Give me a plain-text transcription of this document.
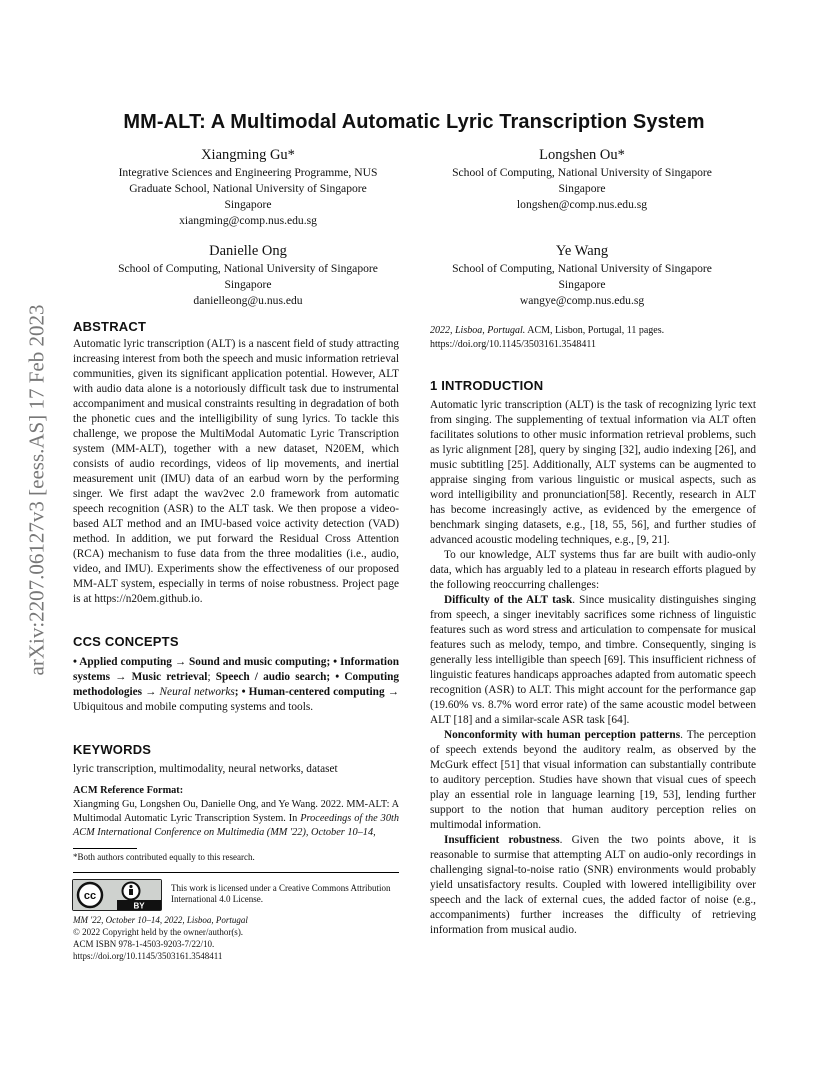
arXiv:2207.06127v3 [eess.AS] 17 Feb 2023
MM-ALT: A Multimodal Automatic Lyric Transcription System
Xiangming Gu*
Integrative Sciences and Engineering Programme, NUS
Graduate School, National University of Singapore
Singapore
xiangming@comp.nus.edu.sg
Longshen Ou*
School of Computing, National University of Singapore
Singapore
longshen@comp.nus.edu.sg
Danielle Ong
School of Computing, National University of Singapore
Singapore
danielleong@u.nus.edu
Ye Wang
School of Computing, National University of Singapore
Singapore
wangye@comp.nus.edu.sg
ABSTRACT

Automatic lyric transcription (ALT) is a nascent field of study attracting increasing interest from both the speech and music information retrieval communities, given its significant application potential. However, ALT with audio data alone is a notoriously difficult task due to instrumental accompaniment and musical constraints resulting in degradation of both the phonetic cues and the intelligibility of sung lyrics. To tackle this challenge, we propose the MultiModal Automatic Lyric Transcription system (MM-ALT), together with a new dataset, N20EM, which consists of audio recordings, videos of lip movements, and inertial measurement unit (IMU) data of an earbud worn by the performing singer. We first adapt the wav2vec 2.0 framework from automatic speech recognition (ASR) to the ALT task. We then propose a video-based ALT method and an IMU-based voice activity detection (VAD) method. In addition, we put forward the Residual Cross Attention (RCA) mechanism to fuse data from the three modalities (i.e., audio, video, and IMU). Experiments show the effectiveness of our proposed MM-ALT system, especially in terms of noise robustness. Project page is at https://n20em.github.io.

CCS CONCEPTS

• Applied computing → Sound and music computing; • Information systems → Music retrieval; Speech / audio search; • Computing methodologies → Neural networks; • Human-centered computing → Ubiquitous and mobile computing systems and tools.

KEYWORDS
lyric transcription, multimodality, neural networks, dataset
ACM Reference Format:
Xiangming Gu, Longshen Ou, Danielle Ong, and Ye Wang. 2022. MM-ALT: A Multimodal Automatic Lyric Transcription System. In Proceedings of the 30th ACM International Conference on Multimedia (MM '22), October 10–14,
*Both authors contributed equally to this research.
cc
BY
This work is licensed under a Creative Commons Attribution International 4.0 License.
MM '22, October 10–14, 2022, Lisboa, Portugal
© 2022 Copyright held by the owner/author(s).
ACM ISBN 978-1-4503-9203-7/22/10.
https://doi.org/10.1145/3503161.3548411
2022, Lisboa, Portugal. ACM, Lisbon, Portugal, 11 pages. https://doi.org/10.1145/3503161.3548411
1 INTRODUCTION

Automatic lyric transcription (ALT) is the task of recognizing lyric text from singing. The supplementing of textual information via ALT often facilitates solutions to other music information retrieval problems, such as lyric alignment [28], query by singing [32], audio indexing [26], and music subtitling [25]. Additionally, ALT systems can be augmented to appraise singing from various linguistic or musical aspects, such as word intelligibility and pronunciation[58]. Recently, research in ALT has become increasingly active, as evidenced by the emergence of benchmark singing datasets, e.g., [18, 55, 56], and further studies of advanced acoustic modeling techniques, e.g., [9, 21].

To our knowledge, ALT systems thus far are built with audio-only data, which has arguably led to a plateau in research efforts plagued by the following reoccurring challenges:

Difficulty of the ALT task. Since musicality distinguishes singing from speech, a singer inevitably sacrifices some richness of linguistic features such as word stress and articulation to compensate for musical features such as melody, tempo, and timbre. Consequently, singing is generally less intelligible than speech [69]. This insufficient richness of linguistic features handicaps approaches adapted from automatic speech recognition (ASR) to ALT. This might account for the performance gap (19.60% vs. 8.7% word error rate) of the same acoustic model between ALT [18] and a similar-scale ASR task [64].

Nonconformity with human perception patterns. The perception of speech extends beyond the auditory realm, as observed by the McGurk effect [51] that visual information can substantially contribute to auditory perception. Studies have shown that visual cues of speech play an essential role in language learning [19, 53], lending further support to the notion that human auditory perception relies on multimodal information.

Insufficient robustness. Given the two points above, it is reasonable to surmise that attempting ALT on audio-only recordings in challenging signal-to-noise ratio (SNR) environments would probably yield unsatisfactory results. Coupled with lowered intelligibility over speech and the lack of external cues, the added factor of noise (e.g., accompaniments) further increases the difficulty of retrieving information from musical audio.
